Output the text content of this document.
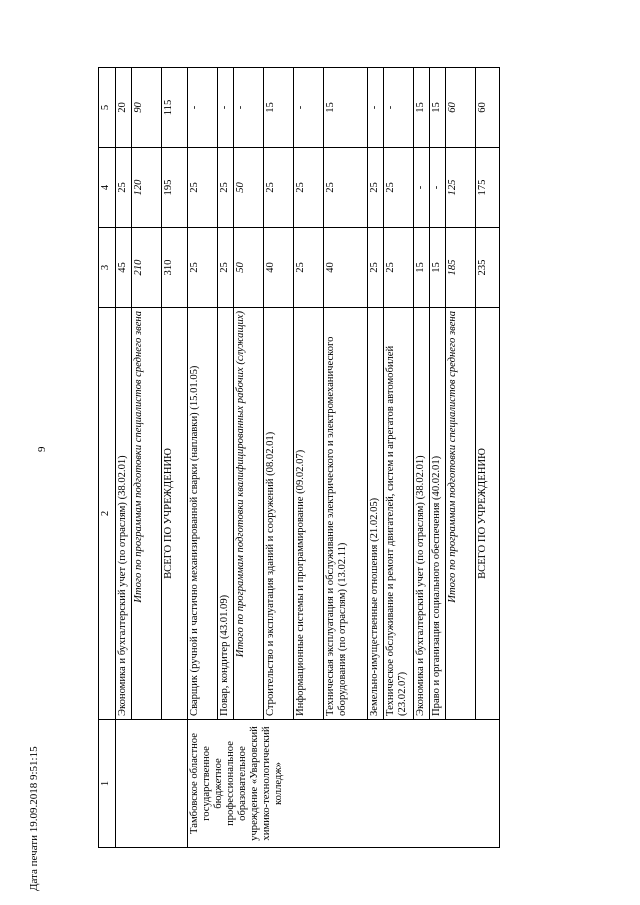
9
1	2	3	4	5
	Экономика и бухгалтерский учет (по отраслям) (38.02.01)	45	25	20
	Итого по программам подготовки специалистов среднего звена	210	120	90
	ВСЕГО ПО УЧРЕЖДЕНИЮ	310	195	115
Тамбовское областное государственное бюджетное профессиональное образовательное учреждение «Уваровский химико-технологический колледж»	Сварщик (ручной и частично механизированной сварки (наплавки) (15.01.05)	25	25	-
	Повар, кондитер (43.01.09)	25	25	-
	Итого по программам подготовки квалифицированных рабочих (служащих)	50	50	-
	Строительство и эксплуатация зданий и сооружений (08.02.01)	40	25	15
	Информационные системы и программирование (09.02.07)	25	25	-
	Техническая эксплуатация и обслуживание электрического и электромеханического оборудования (по отраслям) (13.02.11)	40	25	15
	Земельно-имущественные отношения (21.02.05)	25	25	-
	Техническое обслуживание и ремонт двигателей, систем и агрегатов автомобилей (23.02.07)	25	25	-
	Экономика и бухгалтерский учет (по отраслям) (38.02.01)	15	-	15
	Право и организация социального обеспечения (40.02.01)	15	-	15
	Итого по программам подготовки специалистов среднего звена	185	125	60
	ВСЕГО ПО УЧРЕЖДЕНИЮ	235	175	60
Дата печати 19.09.2018 9:51:15
